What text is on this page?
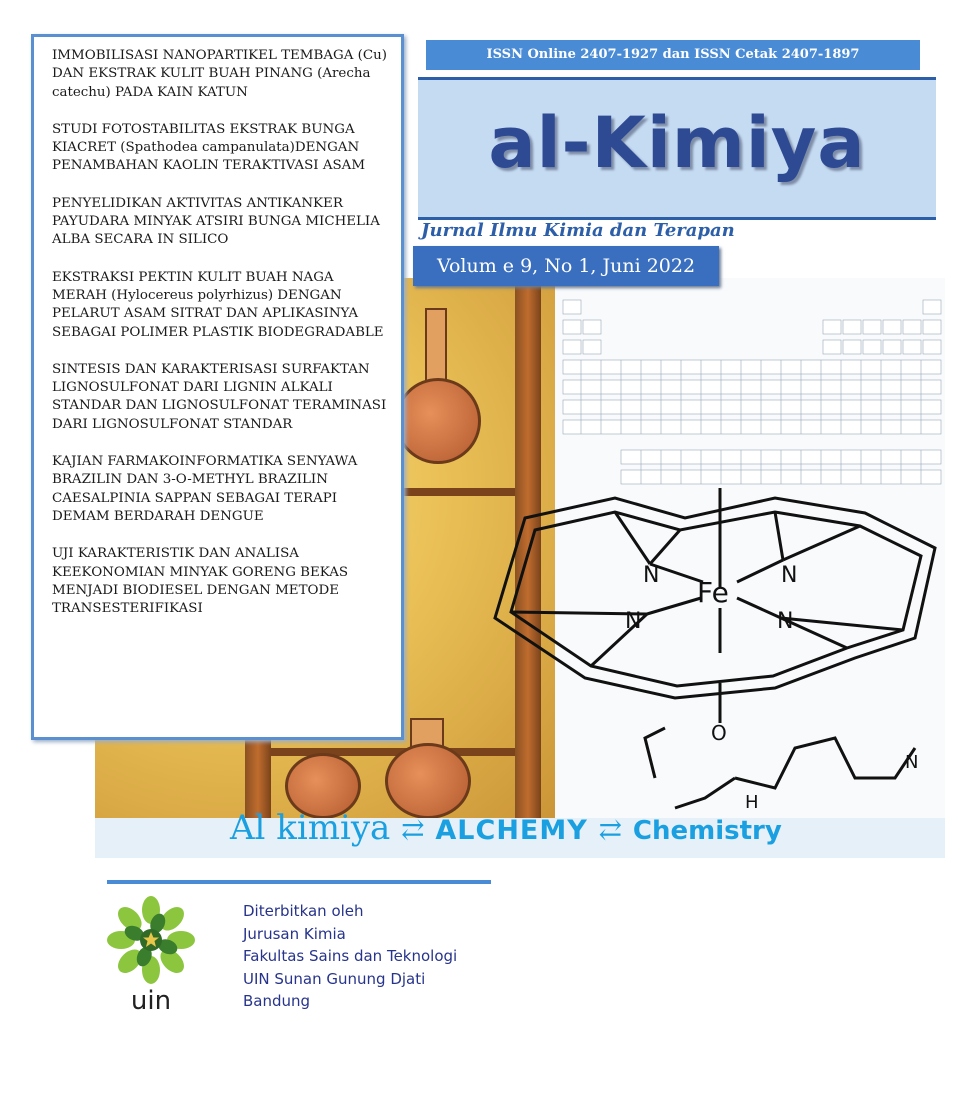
Fe
N	N
N	N
O
H
N
Al kimiya ⇄ ALCHEMY ⇄ Chemistry
ISSN Online 2407-1927 dan ISSN Cetak 2407-1897
al-Kimiya
Jurnal Ilmu Kimia dan Terapan
Volum e 9, No 1, Juni 2022
IMMOBILISASI NANOPARTIKEL TEMBAGA (Cu) DAN EKSTRAK KULIT BUAH PINANG (Arecha catechu) PADA KAIN KATUN
STUDI FOTOSTABILITAS EKSTRAK BUNGA KIACRET (Spathodea campanulata)DENGAN PENAMBAHAN KAOLIN TERAKTIVASI ASAM
PENYELIDIKAN AKTIVITAS ANTIKANKER PAYUDARA MINYAK ATSIRI BUNGA MICHELIA ALBA SECARA IN SILICO
EKSTRAKSI PEKTIN KULIT BUAH NAGA MERAH (Hylocereus polyrhizus) DENGAN PELARUT ASAM SITRAT DAN APLIKASINYA SEBAGAI POLIMER PLASTIK BIODEGRADABLE
SINTESIS DAN KARAKTERISASI SURFAKTAN LIGNOSULFONAT DARI LIGNIN ALKALI STANDAR DAN LIGNOSULFONAT TERAMINASI DARI LIGNOSULFONAT STANDAR
KAJIAN FARMAKOINFORMATIKA SENYAWA BRAZILIN DAN 3-O-METHYL BRAZILIN CAESALPINIA SAPPAN SEBAGAI TERAPI DEMAM BERDARAH DENGUE
UJI KARAKTERISTIK DAN ANALISA KEEKONOMIAN MINYAK GORENG BEKAS MENJADI BIODIESEL DENGAN METODE TRANSESTERIFIKASI
uin
Diterbitkan oleh
Jurusan Kimia
Fakultas Sains dan Teknologi
UIN Sunan Gunung Djati
Bandung
